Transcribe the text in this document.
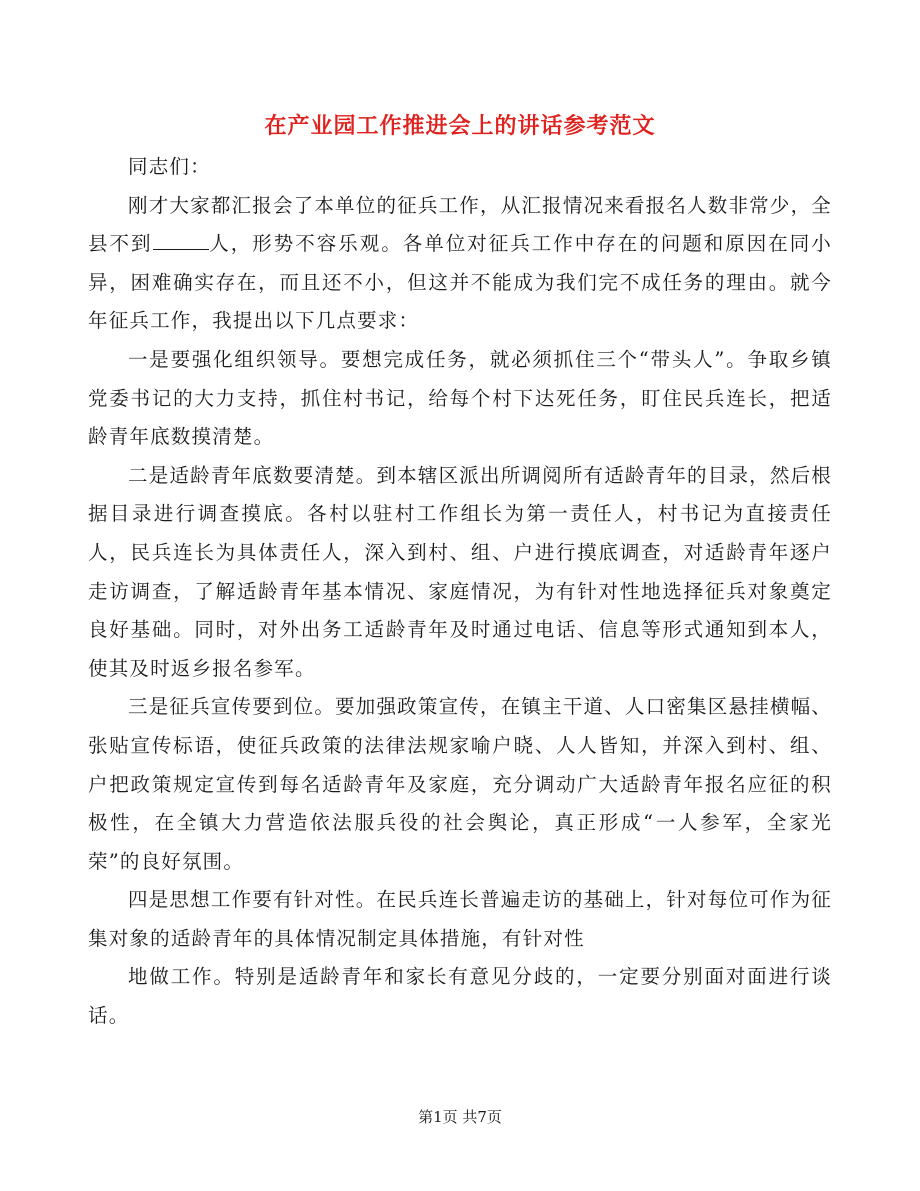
在产业园工作推进会上的讲话参考范文

同志们：

刚才大家都汇报会了本单位的征兵工作，从汇报情况来看报名人数非常少，全县不到	人，形势不容乐观。各单位对征兵工作中存在的问题和原因在同小异，困难确实存在，而且还不小，但这并不能成为我们完不成任务的理由。就今年征兵工作，我提出以下几点要求：

一是要强化组织领导。要想完成任务，就必须抓住三个“带头人”。争取乡镇党委书记的大力支持，抓住村书记，给每个村下达死任务，盯住民兵连长，把适龄青年底数摸清楚。

二是适龄青年底数要清楚。到本辖区派出所调阅所有适龄青年的目录，然后根据目录进行调查摸底。各村以驻村工作组长为第一责任人，村书记为直接责任人，民兵连长为具体责任人，深入到村、组、户进行摸底调查，对适龄青年逐户走访调查，了解适龄青年基本情况、家庭情况，为有针对性地选择征兵对象奠定良好基础。同时，对外出务工适龄青年及时通过电话、信息等形式通知到本人，使其及时返乡报名参军。

三是征兵宣传要到位。要加强政策宣传，在镇主干道、人口密集区悬挂横幅、张贴宣传标语，使征兵政策的法律法规家喻户晓、人人皆知，并深入到村、组、户把政策规定宣传到每名适龄青年及家庭，充分调动广大适龄青年报名应征的积极性，在全镇大力营造依法服兵役的社会舆论，真正形成“一人参军，全家光荣”的良好氛围。

四是思想工作要有针对性。在民兵连长普遍走访的基础上，针对每位可作为征集对象的适龄青年的具体情况制定具体措施，有针对性

地做工作。特别是适龄青年和家长有意见分歧的，一定要分别面对面进行谈话。

第1页 共7页
